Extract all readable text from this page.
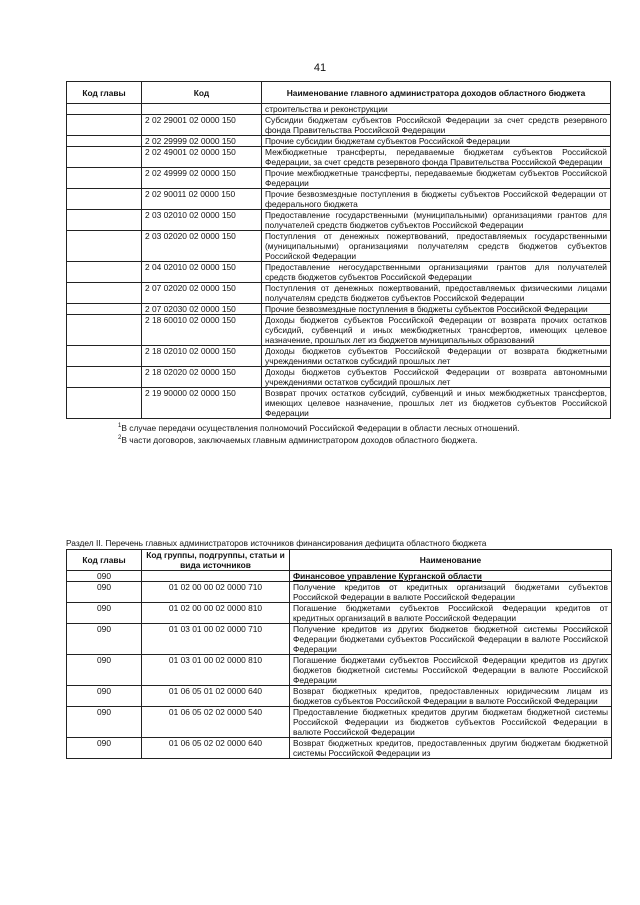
41
Код главы	Код	Наименование главного администратора доходов областного бюджета
		строительства и реконструкции
	2 02 29001 02 0000 150	Субсидии бюджетам субъектов Российской Федерации за счет средств резервного фонда Правительства Российской Федерации
	2 02 29999 02 0000 150	Прочие субсидии бюджетам субъектов Российской Федерации
	2 02 49001 02 0000 150	Межбюджетные трансферты, передаваемые бюджетам субъектов Российской Федерации, за счет средств резервного фонда Правительства Российской Федерации
	2 02 49999 02 0000 150	Прочие межбюджетные трансферты, передаваемые бюджетам субъектов Российской Федерации
	2 02 90011 02 0000 150	Прочие безвозмездные поступления в бюджеты субъектов Российской Федерации от федерального бюджета
	2 03 02010 02 0000 150	Предоставление государственными (муниципальными) организациями грантов для получателей средств бюджетов субъектов Российской Федерации
	2 03 02020 02 0000 150	Поступления от денежных пожертвований, предоставляемых государственными (муниципальными) организациями получателям средств бюджетов субъектов Российской Федерации
	2 04 02010 02 0000 150	Предоставление негосударственными организациями грантов для получателей средств бюджетов субъектов Российской Федерации
	2 07 02020 02 0000 150	Поступления от денежных пожертвований, предоставляемых физическими лицами получателям средств бюджетов субъектов Российской Федерации
	2 07 02030 02 0000 150	Прочие безвозмездные поступления в бюджеты субъектов Российской Федерации
	2 18 60010 02 0000 150	Доходы бюджетов субъектов Российской Федерации от возврата прочих остатков субсидий, субвенций и иных межбюджетных трансфертов, имеющих целевое назначение, прошлых лет из бюджетов муниципальных образований
	2 18 02010 02 0000 150	Доходы бюджетов субъектов Российской Федерации от возврата бюджетными учреждениями остатков субсидий прошлых лет
	2 18 02020 02 0000 150	Доходы бюджетов субъектов Российской Федерации от возврата автономными учреждениями остатков субсидий прошлых лет
	2 19 90000 02 0000 150	Возврат прочих остатков субсидий, субвенций и иных межбюджетных трансфертов, имеющих целевое назначение, прошлых лет из бюджетов субъектов Российской Федерации
$^1$В случае передачи осуществления полномочий Российской Федерации в области лесных отношений.
$^2$В части договоров, заключаемых главным администратором доходов областного бюджета.
Раздел II. Перечень главных администраторов источников финансирования дефицита областного бюджета
Код главы	Код группы, подгруппы, статьи и вида источников	Наименование
090		Финансовое управление Курганской области
090	01 02 00 00 02 0000 710	Получение кредитов от кредитных организаций бюджетами субъектов Российской Федерации в валюте Российской Федерации
090	01 02 00 00 02 0000 810	Погашение бюджетами субъектов Российской Федерации кредитов от кредитных организаций в валюте Российской Федерации
090	01 03 01 00 02 0000 710	Получение кредитов из других бюджетов бюджетной системы Российской Федерации бюджетами субъектов Российской Федерации в валюте Российской Федерации
090	01 03 01 00 02 0000 810	Погашение бюджетами субъектов Российской Федерации кредитов из других бюджетов бюджетной системы Российской Федерации в валюте Российской Федерации
090	01 06 05 01 02 0000 640	Возврат бюджетных кредитов, предоставленных юридическим лицам из бюджетов субъектов Российской Федерации в валюте Российской Федерации
090	01 06 05 02 02 0000 540	Предоставление бюджетных кредитов другим бюджетам бюджетной системы Российской Федерации из бюджетов субъектов Российской Федерации в валюте Российской Федерации
090	01 06 05 02 02 0000 640	Возврат бюджетных кредитов, предоставленных другим бюджетам бюджетной системы Российской Федерации из
